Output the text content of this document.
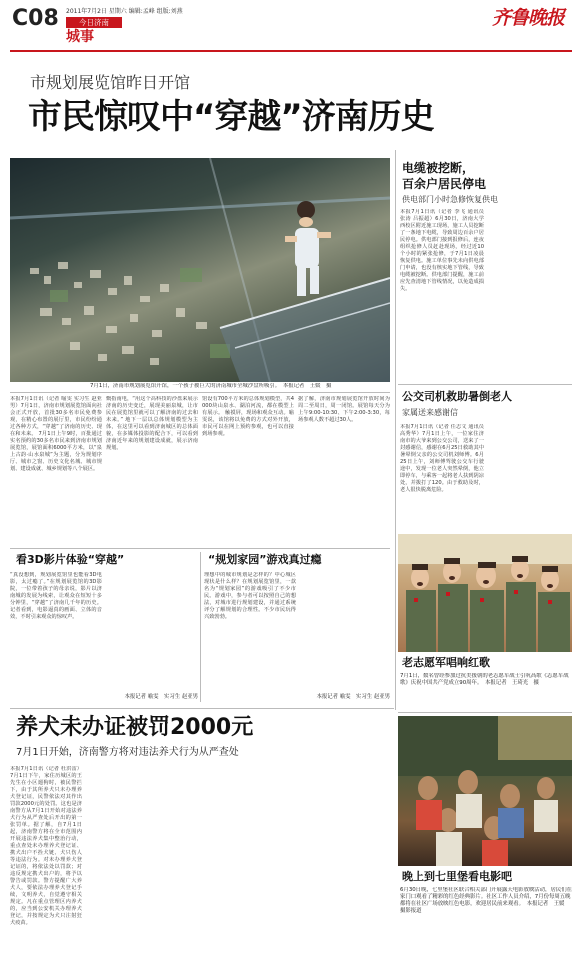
C08 2011年7月2日 星期六 编辑:孟峰 组版:刘燕
今日济南
城事
齐鲁晚报
市规划展览馆昨日开馆
市民惊叹中“穿越”济南历史
7月1日，济南市规划展览馆开馆，一个孩子被巨大的济南城市全城沙盘所吸引。　本报记者　王媛　摄
本报7月1日讯（记者 喻雯 实习生 赵亚男）7月1日，济南市规划展览馆面向社会正式开放，首批30多名市民免费参观，在精心布置的展厅里，市民纷纷通过各种方式，“穿越”了济南的历史、现在和未来。 7月1日上午9时，百批通过实名预约的30多名市民来到济南市规划展览馆，展馆面积6000平方米，以“泉上古韵·山水泉城”为主题，分为规划序厅、城市之窗、历史文化名城、城市规划、建设成就、城乡规划等八个展区。
慨指南电，“用这个高科技的沙盘来展示济南的历史变迁，展现美丽泉城，让市民在展览馆里就可以了解济南的过去和未来。” 地下一层以总体规划模型为主体，在这里可以看到济南城区的总体面貌，在多媒体投影的配合下，可以看到济南近年来的规划建设成就，展示济南规划。
馆设有700平方米的总体规划模型，共4000块山泉水、湖泊河流，都在模型上有展示。 触摸屏，现场和观众互动。喻雯说，该馆将以免费的方式对外开放，市民可以在网上预约参观，也可以直接到场参观。
据了解，济南市规划展览馆开放时间为周二至周日，周一闭馆。展馆每天分为上午9:00-10:30、下午2:00-3:30，每场参观人数不超过30人。
看3D影片体验“穿越”
“真没想到，规划展览馆里也能看3D电影，太过瘾了。”在规划展览馆的3D影院，一位带着孩子的母亲说，影片以济南城的发展为线索，让观众在短短十多分钟里，“穿越”了济南几千年的历史。记者看到，电影逼真的画面、立体的音效，不时引来观众的惊叹声。
本报记者 喻雯　实习生 赵亚男
“规划家园”游戏真过瘾
理想中的城市规划是怎样的？中心城区现状是什么样？在规划展览馆里，一款名为“规划家园”的游戏吸引了不少市民。游戏中，参与者可以按照自己的想法，对城市进行规划建设，并通过系统评分了解规划的合理性。不少市民玩得兴致勃勃。
本报记者 喻雯　实习生 赵亚男
电缆被挖断，
百余户居民停电
供电部门小时急修恢复供电
本报7月1日讯（记者 李飞 通讯员 张涛 吕振超）6月30日，济南大学西校区附近施工现场，施工人员挖断了一条地下电缆，导致周边百余户居民停电。供电部门接到报修后，连夜组织抢修人员赶赴现场，经过近10个小时的紧张抢修，于7月1日凌晨恢复供电。施工单位事先未向供电部门申请，也没有核实地下管线，导致电缆被挖断。供电部门提醒，施工前应先查清地下管线情况，以免造成损失。
公交司机救助暑倒老人
家属送来感谢信
本报7月1日讯（记者 任志文 通讯员 高秀华）7月1日上午，一位家住济南市的大爷来到公交公司，送来了一封感谢信，感谢在6月25日救助其中暑晕倒父亲的公交司机刘师傅。6月25日上午，刘师傅驾驶公交车行驶途中，发现一位老人突然晕倒，他立即停车，与乘客一起将老人扶到阴凉处，并拨打了120。由于救助及时，老人很快脱离危险。
老志愿军唱响红歌
7月1日，数名曾经参加过抗美援朝的老志愿军战士引吭高歌《志愿军战歌》庆祝中国共产党成立90周年。　本报记者　王琦光　摄
晚上到七里堡看电影吧
6月30日晚，七里堡社区联合相关部门开展露天电影放映活动，居民们在家门口观看了精彩的红色经典影片。社区工作人员介绍，7月份每周五晚都将在社区广场放映红色电影，欢迎居民前来观看。　本报记者　王媛　摄影报道
养犬未办证被罚2000元
7月1日开始，济南警方将对违法养犬行为从严查处
本报7月1日讯（记者 杜洪雷）7月1日下午，家住历城区的王先生在小区遛狗时，被民警拦下，由于其所养犬只未办理养犬登记证，民警依法对其作出罚款2000元的处罚。这也是济南警方从7月1日开始对违法养犬行为从严查处后开出的第一张罚单。据了解，自7月1日起，济南警方将在全市范围内开展违法养犬集中整治行动，重点查处未办理养犬登记证、携犬出户不拴犬链、犬只伤人等违法行为。对未办理养犬登记证的，将依法处以罚款；对违反规定携犬出户的，将予以警告或罚款。警方提醒广大养犬人，要依法办理养犬登记手续，文明养犬，自觉遵守相关规定。凡在重点管理区内养犬的，应当到公安机关办理养犬登记，并按规定为犬只注射狂犬疫苗。
